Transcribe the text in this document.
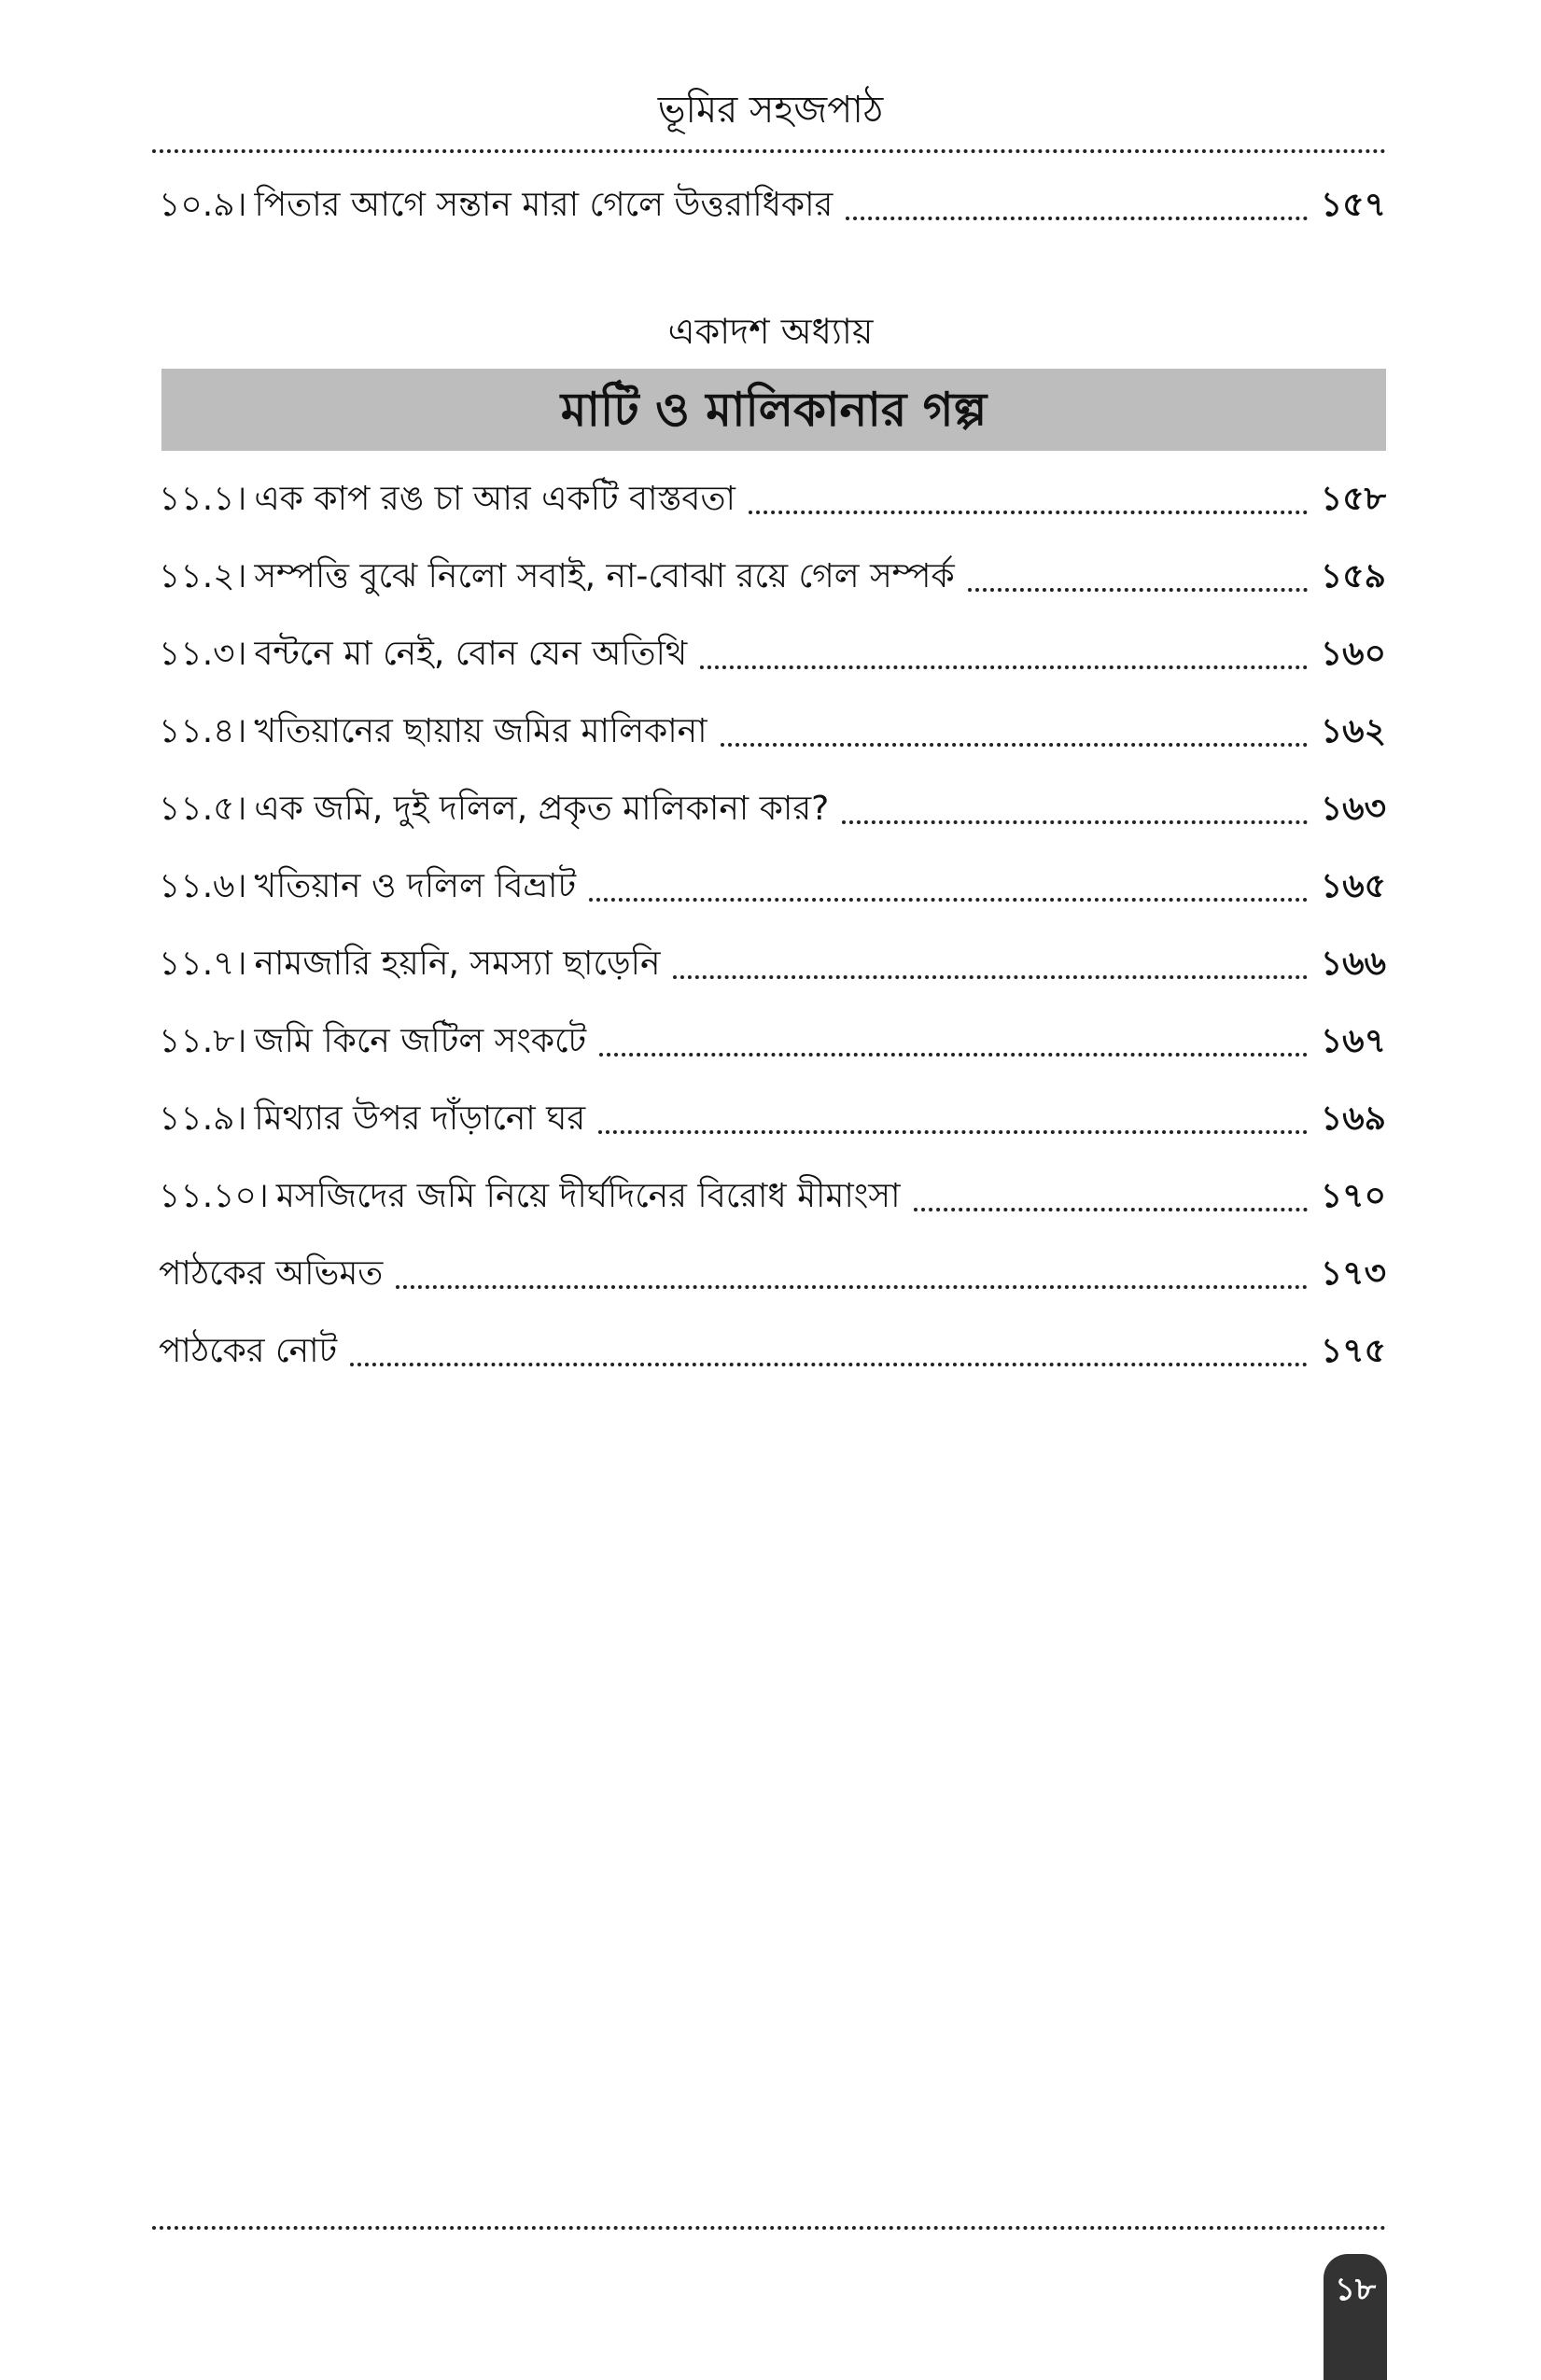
ভূমির সহজপাঠ
১০.৯। পিতার আগে সন্তান মারা গেলে উত্তরাধিকার	১৫৭
একাদশ অধ্যায়
মাটি ও মালিকানার গল্প
১১.১। এক কাপ রঙ চা আর একটি বাস্তবতা	১৫৮
১১.২। সম্পত্তি বুঝে নিলো সবাই, না-বোঝা রয়ে গেল সম্পর্ক	১৫৯
১১.৩। বন্টনে মা নেই, বোন যেন অতিথি	১৬০
১১.৪। খতিয়ানের ছায়ায় জমির মালিকানা	১৬২
১১.৫। এক জমি, দুই দলিল, প্রকৃত মালিকানা কার?	১৬৩
১১.৬। খতিয়ান ও দলিল বিভ্রাট	১৬৫
১১.৭। নামজারি হয়নি, সমস্যা ছাড়েনি	১৬৬
১১.৮। জমি কিনে জটিল সংকটে	১৬৭
১১.৯। মিথ্যার উপর দাঁড়ানো ঘর	১৬৯
১১.১০। মসজিদের জমি নিয়ে দীর্ঘদিনের বিরোধ মীমাংসা	১৭০
পাঠকের অভিমত	১৭৩
পাঠকের নোট	১৭৫
১৮
